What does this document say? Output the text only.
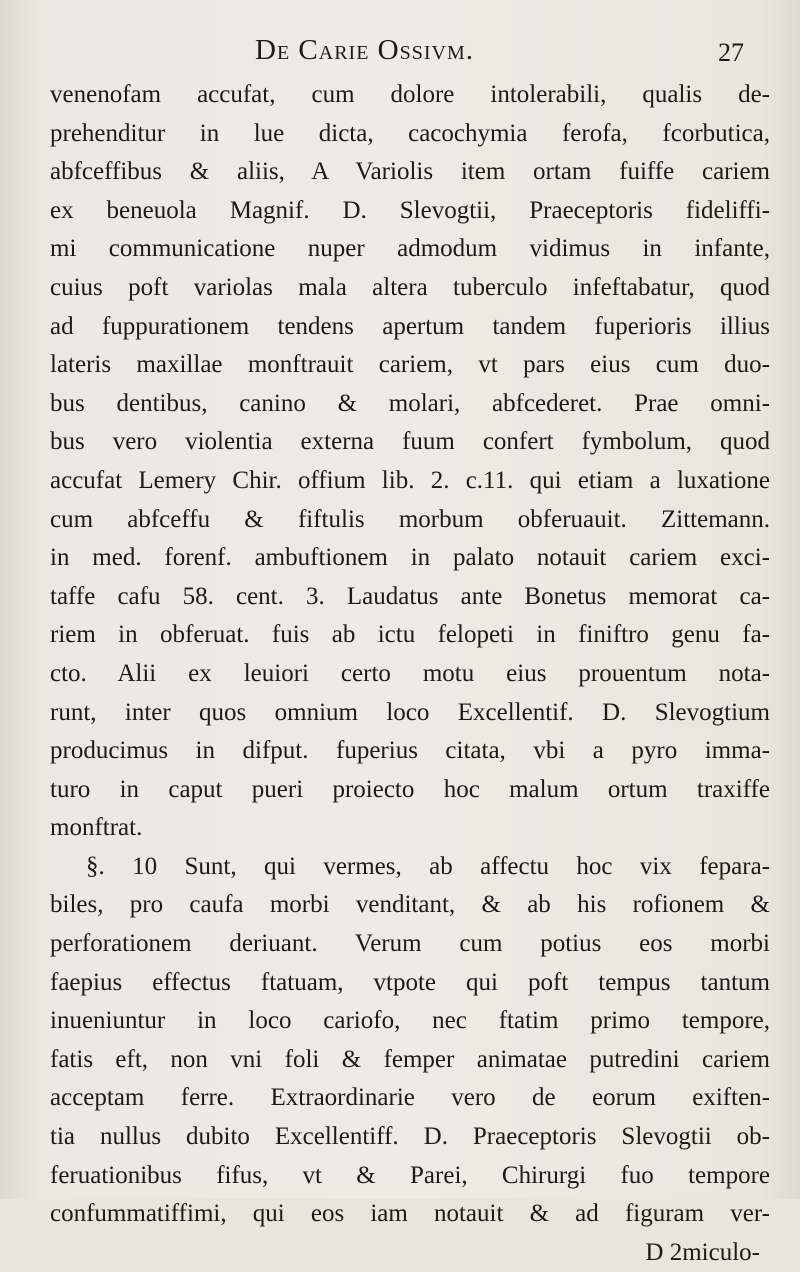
De Carie Ossivm.	27
venenofam accufat, cum dolore intolerabili, qualis de-
prehenditur in lue dicta, cacochymia ferofa, fcorbutica,
abfceffibus & aliis, A Variolis item ortam fuiffe cariem
ex beneuola Magnif. D. Slevogtii, Praeceptoris fideliffi-
mi communicatione nuper admodum vidimus in infante,
cuius poft variolas mala altera tuberculo infeftabatur, quod
ad fuppurationem tendens apertum tandem fuperioris illius
lateris maxillae monftrauit cariem, vt pars eius cum duo-
bus dentibus, canino & molari, abfcederet. Prae omni-
bus vero violentia externa fuum confert fymbolum, quod
accufat Lemery Chir. offium lib. 2. c.11. qui etiam a luxatione
cum abfceffu & fiftulis morbum obferuauit. Zittemann.
in med. forenf. ambuftionem in palato notauit cariem exci-
taffe cafu 58. cent. 3. Laudatus ante Bonetus memorat ca-
riem in obferuat. fuis ab ictu felopeti in finiftro genu fa-
cto. Alii ex leuiori certo motu eius prouentum nota-
runt, inter quos omnium loco Excellentif. D. Slevogtium
producimus in difput. fuperius citata, vbi a pyro imma-
turo in caput pueri proiecto hoc malum ortum traxiffe
monftrat.
§. 10 Sunt, qui vermes, ab affectu hoc vix fepara-
biles, pro caufa morbi venditant, & ab his rofionem &
perforationem deriuant. Verum cum potius eos morbi
faepius effectus ftatuam, vtpote qui poft tempus tantum
inueniuntur in loco cariofo, nec ftatim primo tempore,
fatis eft, non vni foli & femper animatae putredini cariem
acceptam ferre. Extraordinarie vero de eorum exiften-
tia nullus dubito Excellentiff. D. Praeceptoris Slevogtii ob-
feruationibus fifus, vt & Parei, Chirurgi fuo tempore
confummatiffimi, qui eos iam notauit & ad figuram ver-
D 2 miculo-
